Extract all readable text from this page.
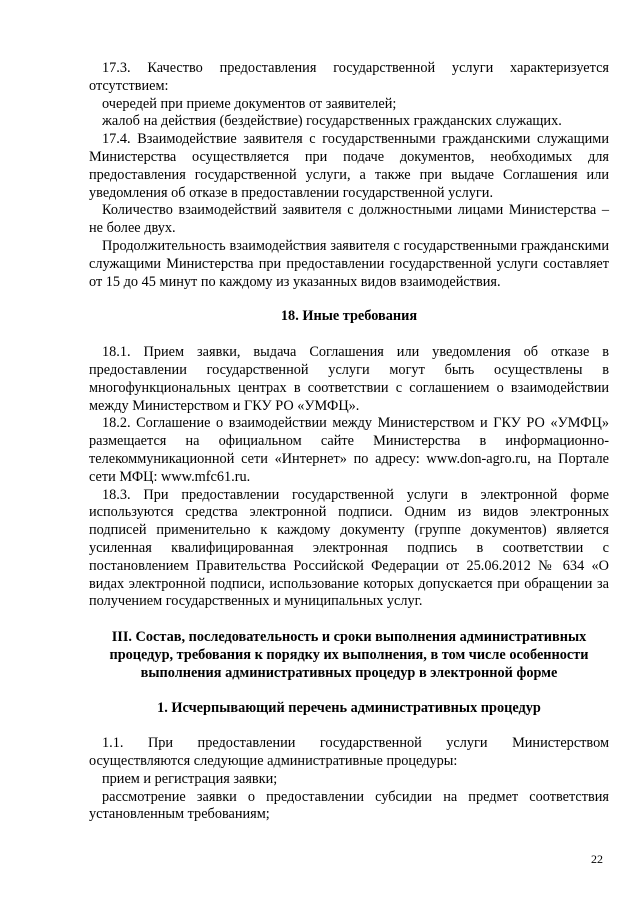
17.3. Качество предоставления государственной услуги характеризуется отсутствием:

очередей при приеме документов от заявителей;

жалоб на действия (бездействие) государственных гражданских служащих.

17.4. Взаимодействие заявителя с государственными гражданскими служащими Министерства осуществляется при подаче документов, необходимых для предоставления государственной услуги, а также при выдаче Соглашения или уведомления об отказе в предоставлении государственной услуги.

Количество взаимодействий заявителя с должностными лицами Министерства – не более двух.

Продолжительность взаимодействия заявителя с государственными гражданскими служащими Министерства при предоставлении государственной услуги составляет от 15 до 45 минут по каждому из указанных видов взаимодействия.

18. Иные требования

18.1. Прием заявки, выдача Соглашения или уведомления об отказе в предоставлении государственной услуги могут быть осуществлены в многофункциональных центрах в соответствии с соглашением о взаимодействии между Министерством и ГКУ РО «УМФЦ».

18.2. Соглашение о взаимодействии между Министерством и ГКУ РО «УМФЦ» размещается на официальном сайте Министерства в информационно-телекоммуникационной сети «Интернет» по адресу: www.don-agro.ru, на Портале сети МФЦ: www.mfc61.ru.

18.3. При предоставлении государственной услуги в электронной форме используются средства электронной подписи. Одним из видов электронных подписей применительно к каждому документу (группе документов) является усиленная квалифицированная электронная подпись в соответствии с постановлением Правительства Российской Федерации от 25.06.2012 № 634 «О видах электронной подписи, использование которых допускается при обращении за получением государственных и муниципальных услуг.

III. Состав, последовательность и сроки выполнения административных процедур, требования к порядку их выполнения, в том числе особенности выполнения административных процедур в электронной форме
1. Исчерпывающий перечень административных процедур

1.1. При предоставлении государственной услуги Министерством осуществляются следующие административные процедуры:

прием и регистрация заявки;

рассмотрение заявки о предоставлении субсидии на предмет соответствия установленным требованиям;

22
